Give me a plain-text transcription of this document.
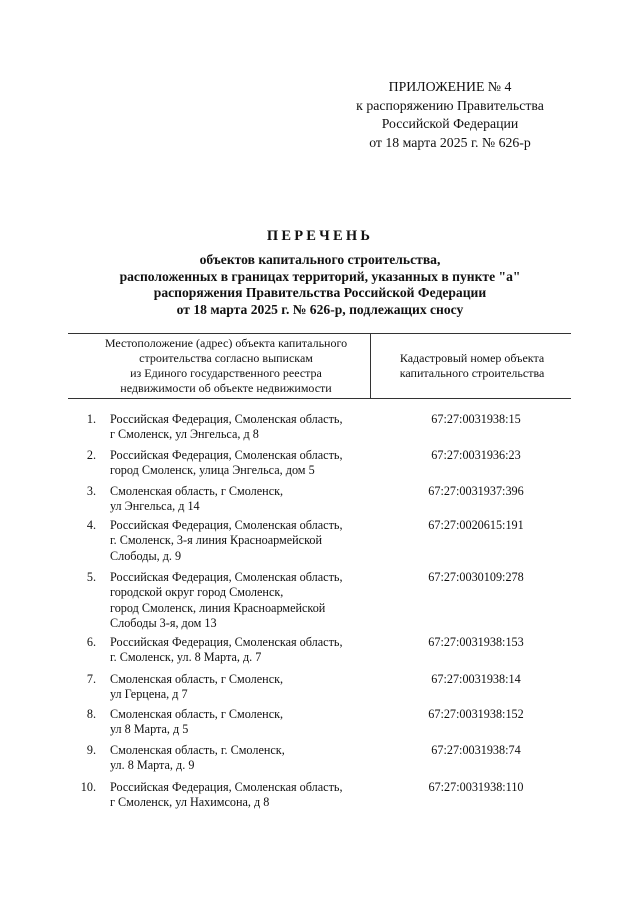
ПРИЛОЖЕНИЕ № 4
к распоряжению Правительства
Российской Федерации
от 18 марта 2025 г. № 626-р
ПЕРЕЧЕНЬ
объектов капитального строительства,
расположенных в границах территорий, указанных в пункте "а"
распоряжения Правительства Российской Федерации
от 18 марта 2025 г. № 626-р, подлежащих сносу
Местоположение (адрес) объекта капитального
строительства согласно выпискам
из Единого государственного реестра
недвижимости об объекте недвижимости
Кадастровый номер объекта
капитального строительства
1. Российская Федерация, Смоленская область,
г Смоленск, ул Энгельса, д 8
67:27:0031938:15
2. Российская Федерация, Смоленская область,
город Смоленск, улица Энгельса, дом 5
67:27:0031936:23
3. Смоленская область, г Смоленск,
ул Энгельса, д 14
67:27:0031937:396
4. Российская Федерация, Смоленская область,
г. Смоленск, 3-я линия Красноармейской
Слободы, д. 9
67:27:0020615:191
5. Российская Федерация, Смоленская область,
городской округ город Смоленск,
город Смоленск, линия Красноармейской
Слободы 3-я, дом 13
67:27:0030109:278
6. Российская Федерация, Смоленская область,
г. Смоленск, ул. 8 Марта, д. 7
67:27:0031938:153
7. Смоленская область, г Смоленск,
ул Герцена, д 7
67:27:0031938:14
8. Смоленская область, г Смоленск,
ул 8 Марта, д 5
67:27:0031938:152
9. Смоленская область, г. Смоленск,
ул. 8 Марта, д. 9
67:27:0031938:74
10. Российская Федерация, Смоленская область,
г Смоленск, ул Нахимсона, д 8
67:27:0031938:110
